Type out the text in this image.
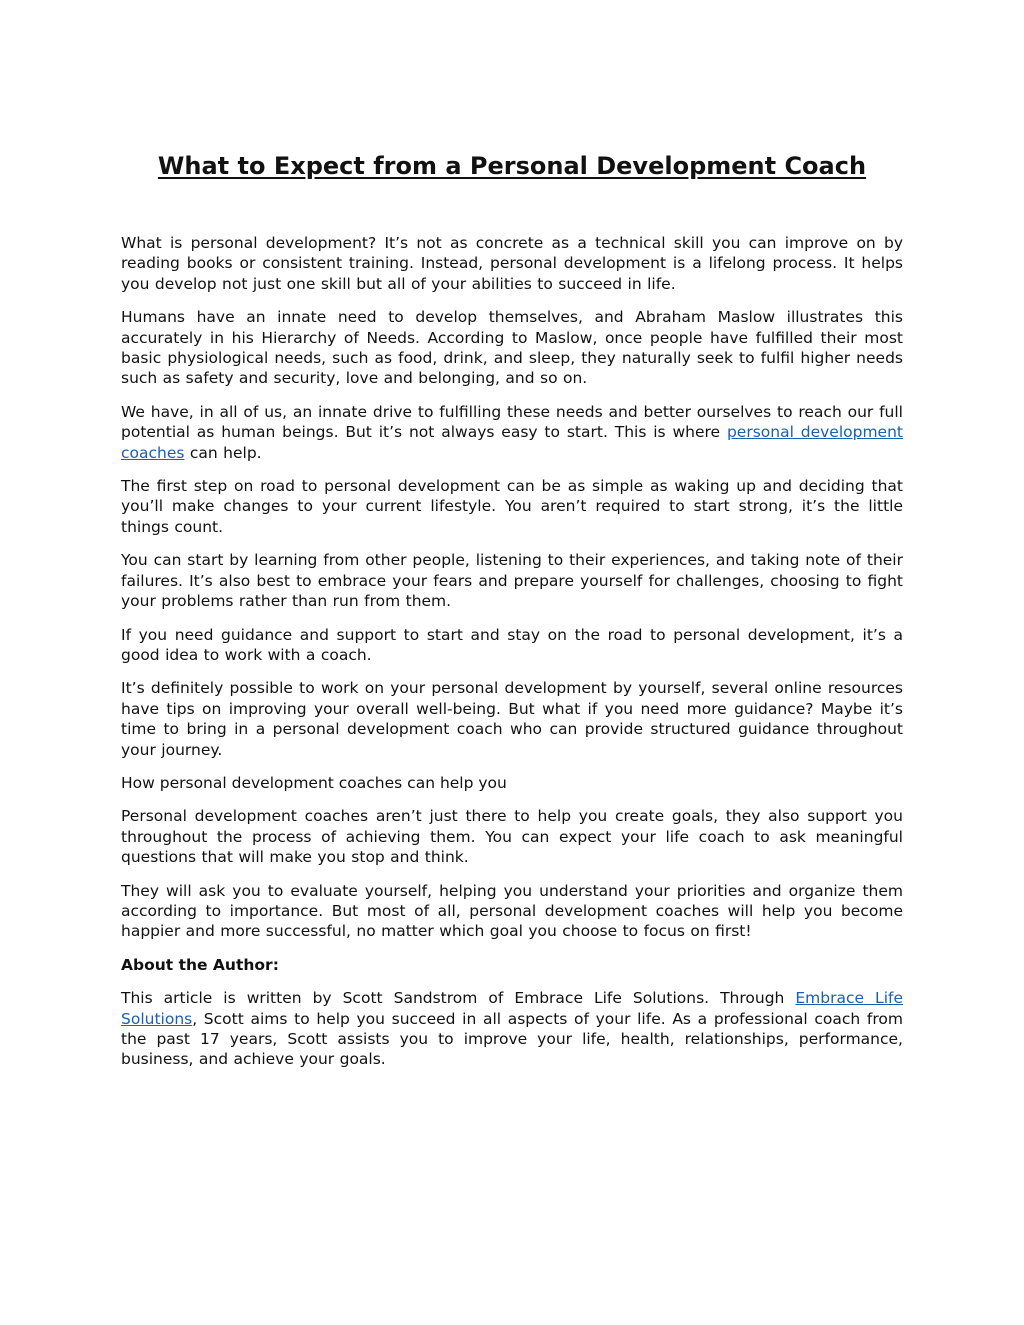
What to Expect from a Personal Development Coach

What is personal development? It’s not as concrete as a technical skill you can improve on by reading books or consistent training. Instead, personal development is a lifelong process. It helps you develop not just one skill but all of your abilities to succeed in life.

Humans have an innate need to develop themselves, and Abraham Maslow illustrates this accurately in his Hierarchy of Needs. According to Maslow, once people have fulfilled their most basic physiological needs, such as food, drink, and sleep, they naturally seek to fulfil higher needs such as safety and security, love and belonging, and so on.

We have, in all of us, an innate drive to fulfilling these needs and better ourselves to reach our full potential as human beings. But it’s not always easy to start. This is where personal development coaches can help.

The first step on road to personal development can be as simple as waking up and deciding that you’ll make changes to your current lifestyle. You aren’t required to start strong, it’s the little things count.

You can start by learning from other people, listening to their experiences, and taking note of their failures. It’s also best to embrace your fears and prepare yourself for challenges, choosing to fight your problems rather than run from them.

If you need guidance and support to start and stay on the road to personal development, it’s a good idea to work with a coach.

It’s definitely possible to work on your personal development by yourself, several online resources have tips on improving your overall well-being. But what if you need more guidance? Maybe it’s time to bring in a personal development coach who can provide structured guidance throughout your journey.

How personal development coaches can help you

Personal development coaches aren’t just there to help you create goals, they also support you throughout the process of achieving them. You can expect your life coach to ask meaningful questions that will make you stop and think.

They will ask you to evaluate yourself, helping you understand your priorities and organize them according to importance. But most of all, personal development coaches will help you become happier and more successful, no matter which goal you choose to focus on first!

About the Author:

This article is written by Scott Sandstrom of Embrace Life Solutions. Through Embrace Life Solutions, Scott aims to help you succeed in all aspects of your life. As a professional coach from the past 17 years, Scott assists you to improve your life, health, relationships, performance, business, and achieve your goals.
